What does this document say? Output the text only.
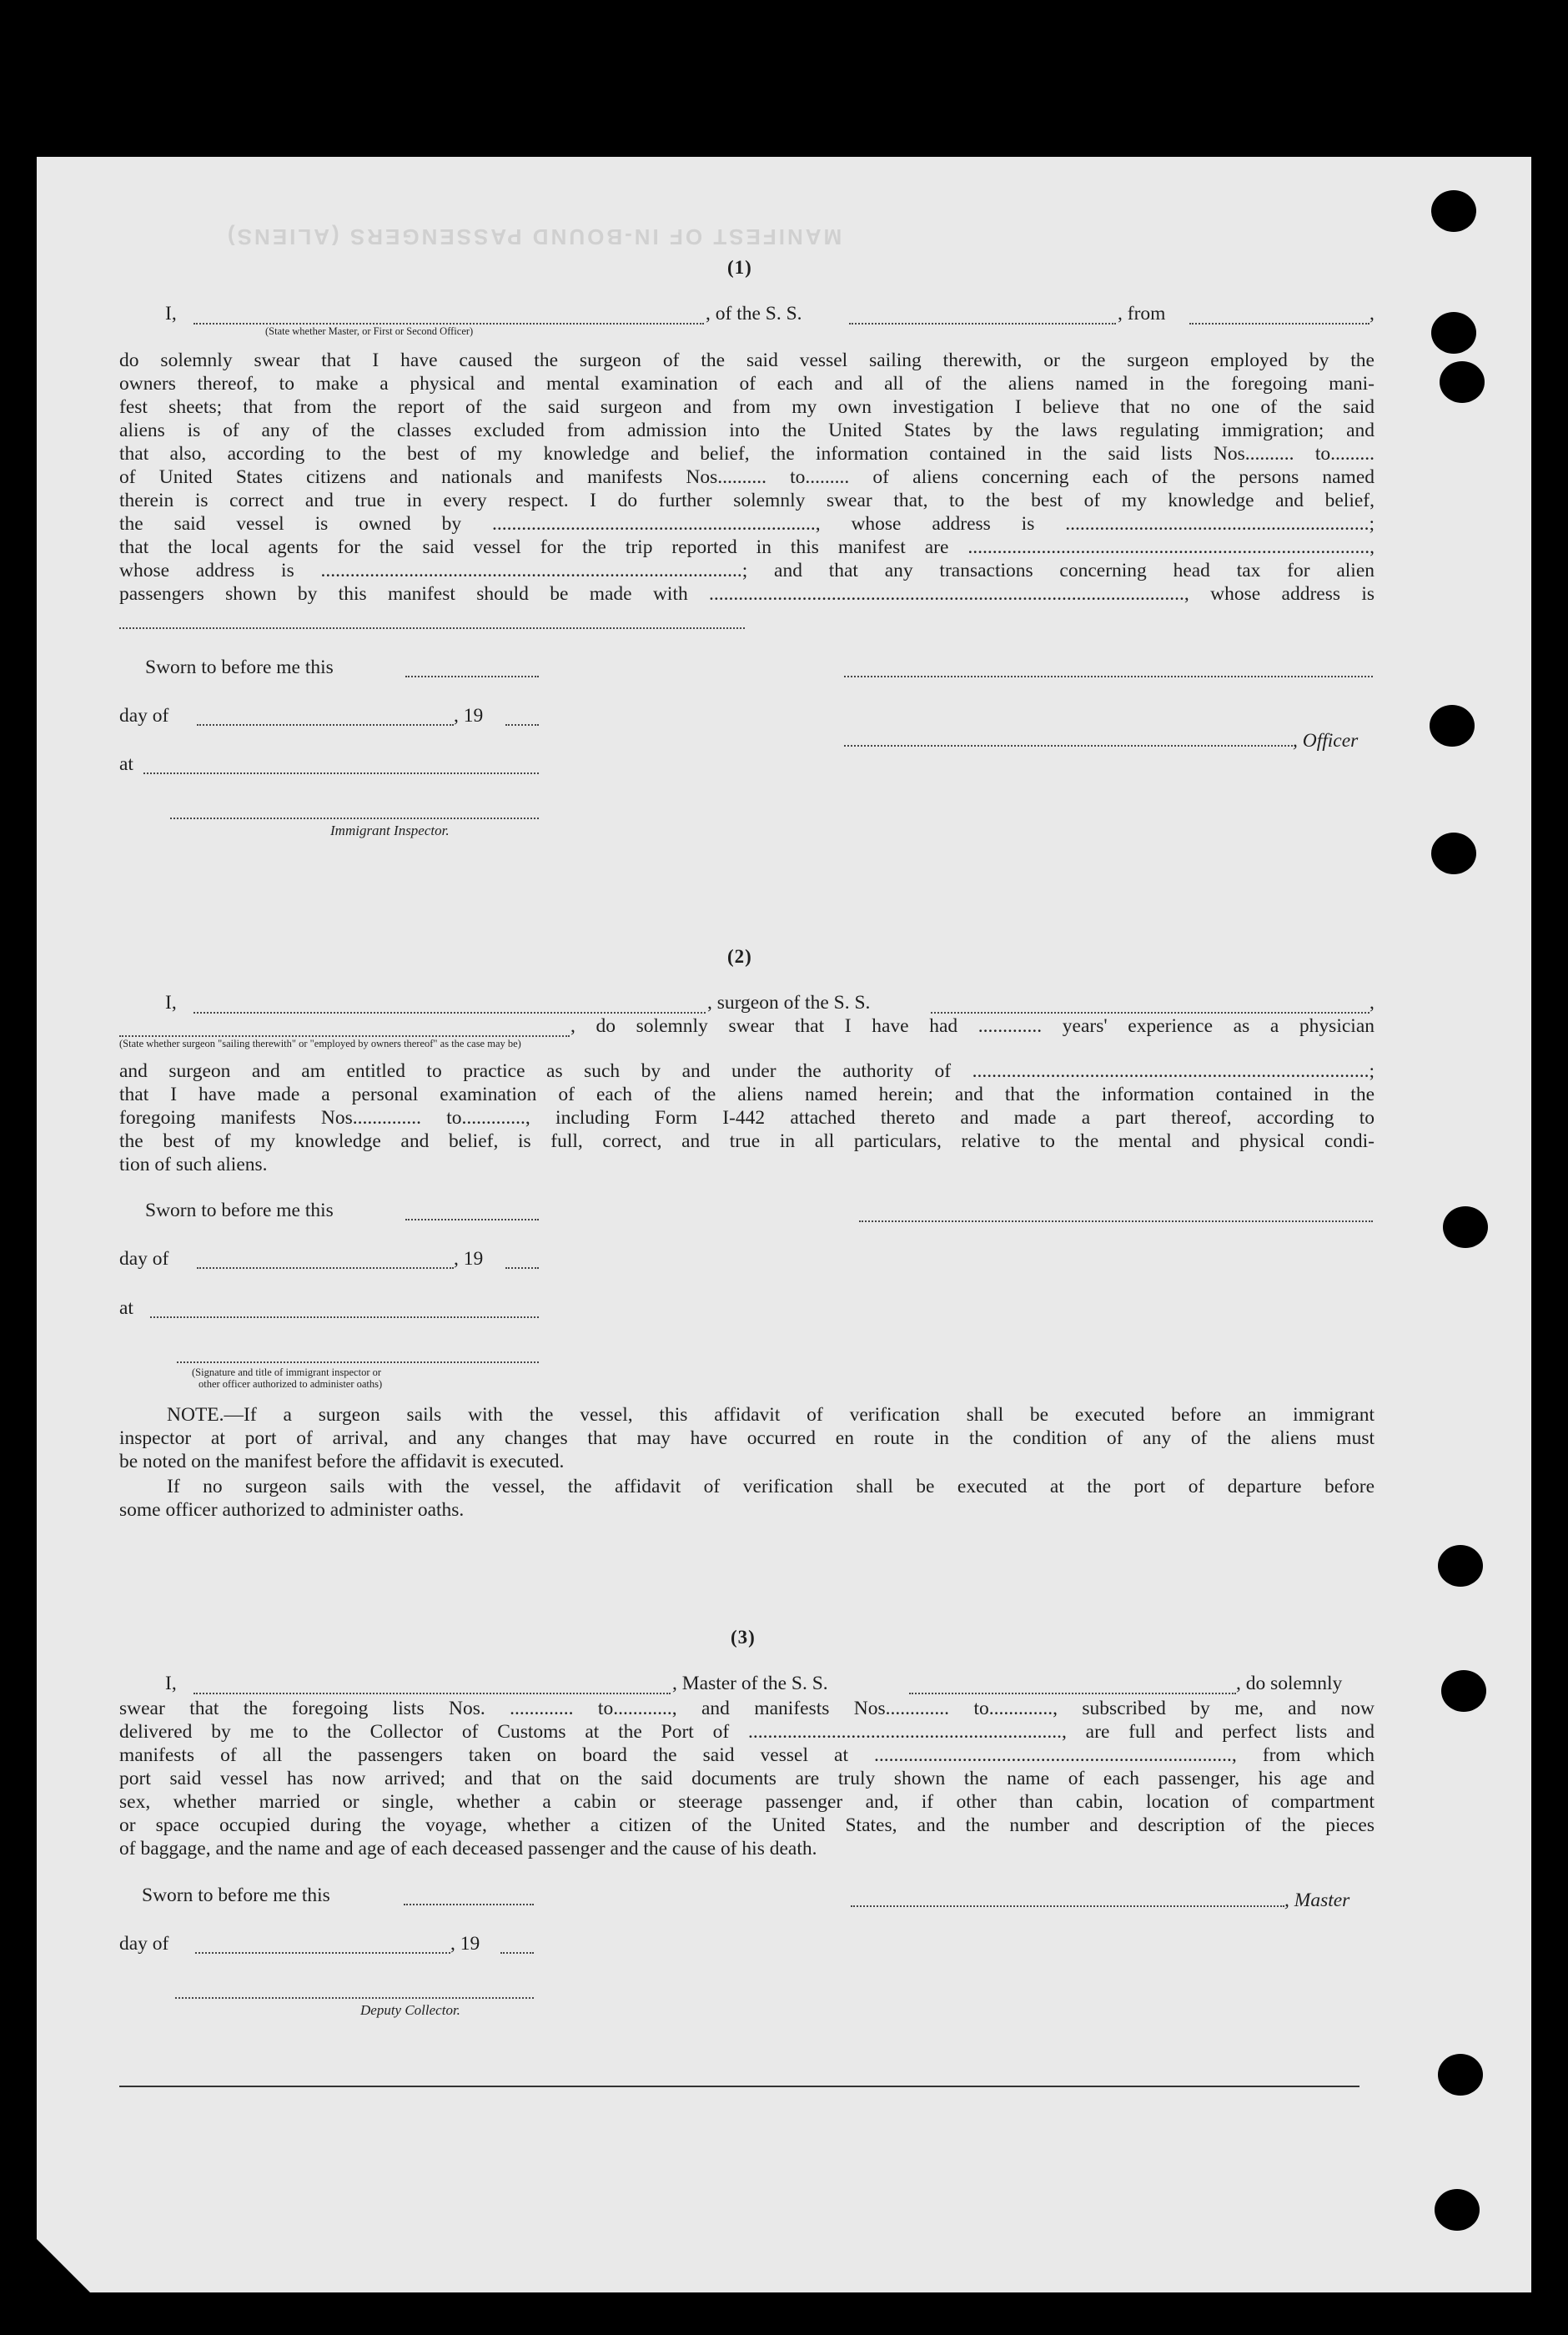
MANIFEST OF IN-BOUND PASSENGERS (ALIENS)
(1)
I,	, of the S. S.	, from	,
(State whether Master, or First or Second Officer)
do solemnly swear that I have caused the surgeon of the said vessel sailing therewith, or the surgeon employed by the
owners thereof, to make a physical and mental examination of each and all of the aliens named in the foregoing mani-
fest sheets; that from the report of the said surgeon and from my own investigation I believe that no one of the said
aliens is of any of the classes excluded from admission into the United States by the laws regulating immigration; and
that also, according to the best of my knowledge and belief, the information contained in the said lists Nos.......... to.........
of United States citizens and nationals and manifests Nos.......... to......... of aliens concerning each of the persons named
therein is correct and true in every respect. I do further solemnly swear that, to the best of my knowledge and belief,
the said vessel is owned by .................................................................., whose address is ..............................................................;
that the local agents for the said vessel for the trip reported in this manifest are ..................................................................................,
whose address is ......................................................................................; and that any transactions concerning head tax for alien
passengers shown by this manifest should be made with ................................................................................................., whose address is
Sworn to before me this
day of	, 19
, Officer
at
Immigrant Inspector.
(2)
I,	, surgeon of the S. S.	,
, do solemnly swear that I have had ............. years' experience as a physician
(State whether surgeon "sailing therewith" or "employed by owners thereof" as the case may be)
and surgeon and am entitled to practice as such by and under the authority of .................................................................................;
that I have made a personal examination of each of the aliens named herein; and that the information contained in the
foregoing manifests Nos.............. to............., including Form I-442 attached thereto and made a part thereof, according to
the best of my knowledge and belief, is full, correct, and true in all particulars, relative to the mental and physical condi-
tion of such aliens.
Sworn to before me this
day of	, 19
at
(Signature and title of immigrant inspector or
other officer authorized to administer oaths)
NOTE.—If a surgeon sails with the vessel, this affidavit of verification shall be executed before an immigrant
inspector at port of arrival, and any changes that may have occurred en route in the condition of any of the aliens must
be noted on the manifest before the affidavit is executed.
If no surgeon sails with the vessel, the affidavit of verification shall be executed at the port of departure before
some officer authorized to administer oaths.
(3)
I,	, Master of the S. S.	, do solemnly
swear that the foregoing lists Nos. ............. to............, and manifests Nos............. to............., subscribed by me, and now
delivered by me to the Collector of Customs at the Port of ................................................................, are full and perfect lists and
manifests of all the passengers taken on board the said vessel at ........................................................................., from which
port said vessel has now arrived; and that on the said documents are truly shown the name of each passenger, his age and
sex, whether married or single, whether a cabin or steerage passenger and, if other than cabin, location of compartment
or space occupied during the voyage, whether a citizen of the United States, and the number and description of the pieces
of baggage, and the name and age of each deceased passenger and the cause of his death.
Sworn to before me this	, Master
day of	, 19
Deputy Collector.
